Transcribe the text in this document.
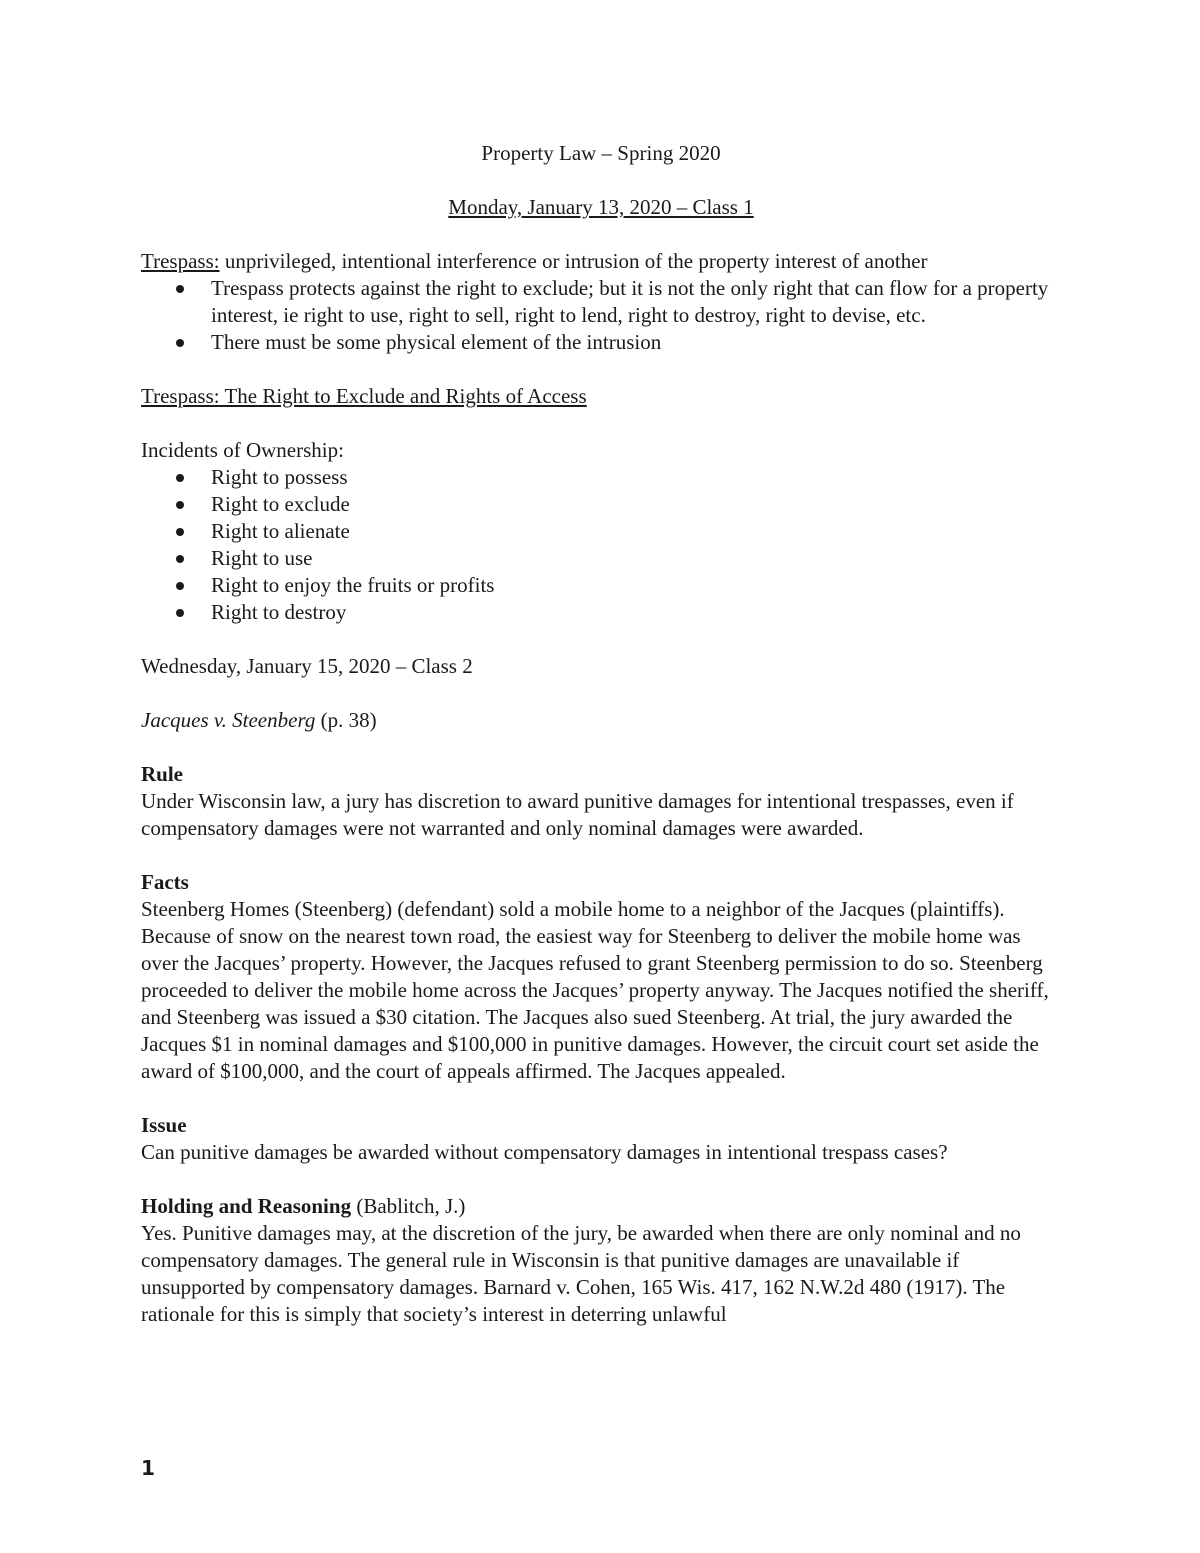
Property Law – Spring 2020

Monday, January 13, 2020 – Class 1

Trespass: unprivileged, intentional interference or intrusion of the property interest of another

Trespass protects against the right to exclude; but it is not the only right that can flow for a property interest, ie right to use, right to sell, right to lend, right to destroy, right to devise, etc.
There must be some physical element of the intrusion

Trespass: The Right to Exclude and Rights of Access

Incidents of Ownership:

Right to possess
Right to exclude
Right to alienate
Right to use
Right to enjoy the fruits or profits
Right to destroy

Wednesday, January 15, 2020 – Class 2

Jacques v. Steenberg (p. 38)

Rule

Under Wisconsin law, a jury has discretion to award punitive damages for intentional trespasses, even if compensatory damages were not warranted and only nominal damages were awarded.

Facts

Steenberg Homes (Steenberg) (defendant) sold a mobile home to a neighbor of the Jacques (plaintiffs). Because of snow on the nearest town road, the easiest way for Steenberg to deliver the mobile home was over the Jacques’ property. However, the Jacques refused to grant Steenberg permission to do so. Steenberg proceeded to deliver the mobile home across the Jacques’ property anyway. The Jacques notified the sheriff, and Steenberg was issued a $30 citation. The Jacques also sued Steenberg. At trial, the jury awarded the Jacques $1 in nominal damages and $100,000 in punitive damages. However, the circuit court set aside the award of $100,000, and the court of appeals affirmed. The Jacques appealed.

Issue

Can punitive damages be awarded without compensatory damages in intentional trespass cases?

Holding and Reasoning (Bablitch, J.)

Yes. Punitive damages may, at the discretion of the jury, be awarded when there are only nominal and no compensatory damages. The general rule in Wisconsin is that punitive damages are unavailable if unsupported by compensatory damages. Barnard v. Cohen, 165 Wis. 417, 162 N.W.2d 480 (1917). The rationale for this is simply that society’s interest in deterring unlawful

1
